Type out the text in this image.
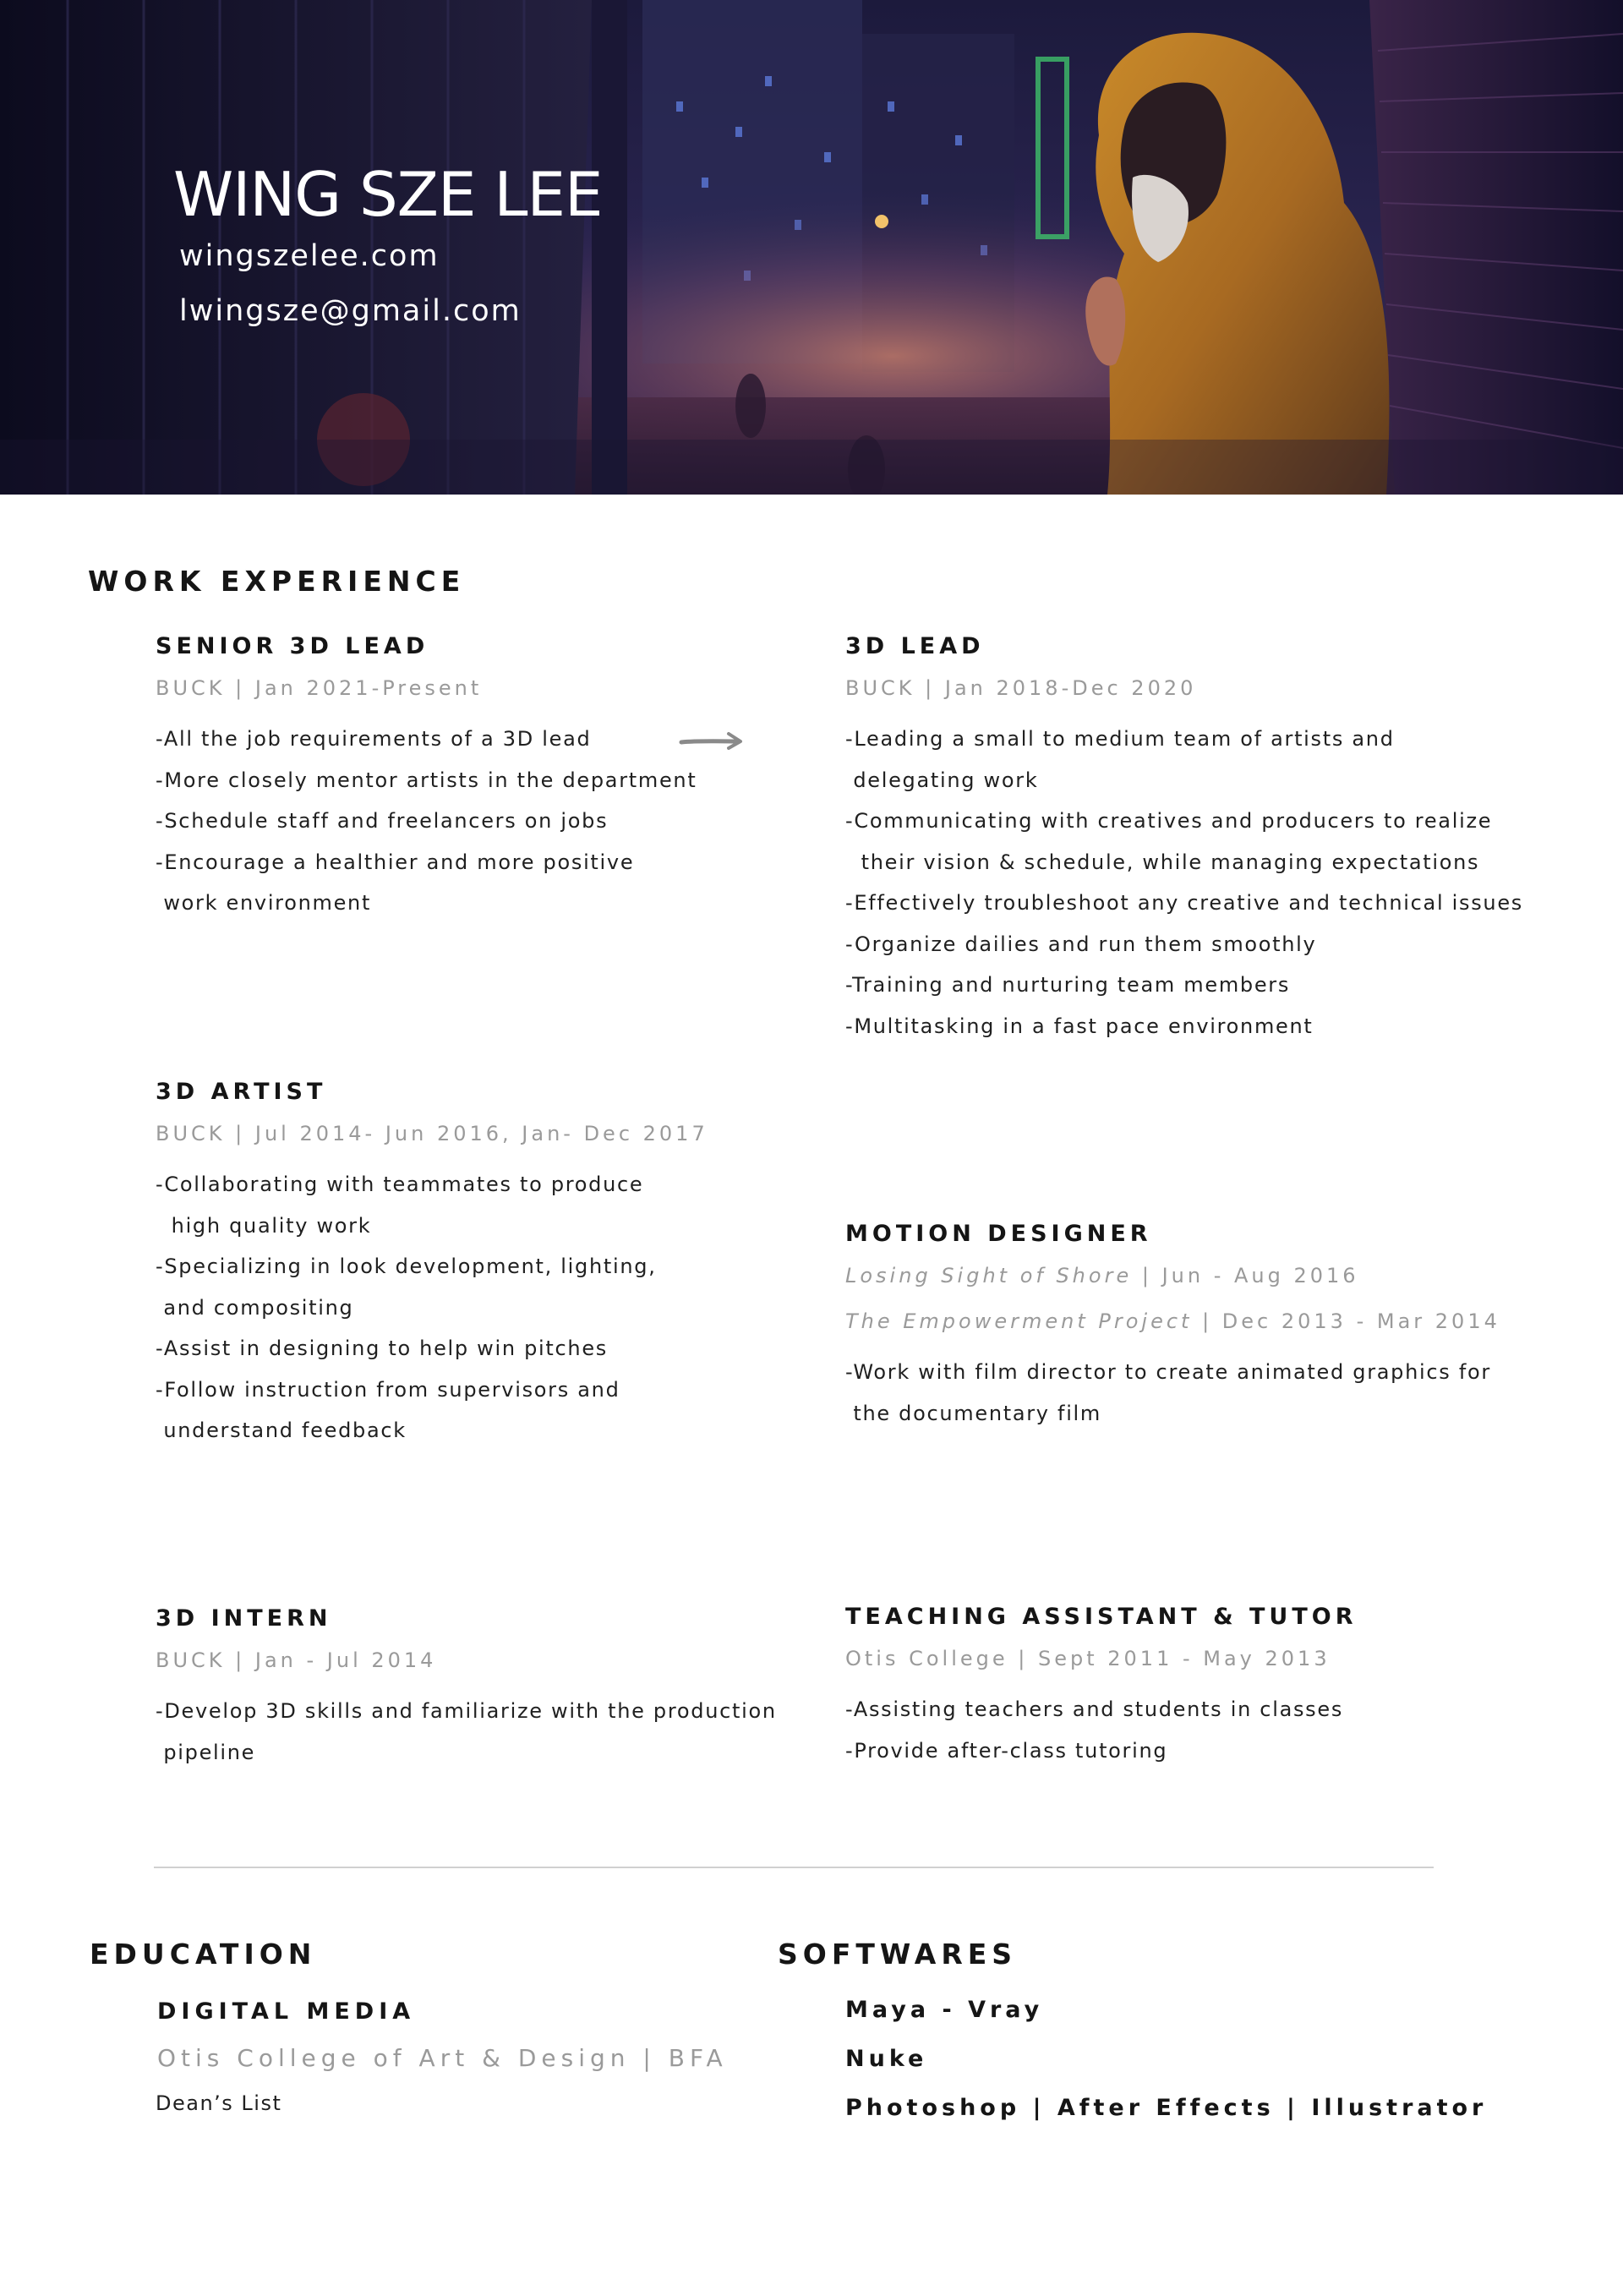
WING SZE LEE
wingszelee.com
lwingsze@gmail.com
WORK EXPERIENCE
SENIOR 3D LEAD
BUCK | Jan 2021-Present
-All the job requirements of a 3D lead
-More closely mentor artists in the department
-Schedule staff and freelancers on jobs
-Encourage a healthier and more positive
work environment
3D LEAD
BUCK | Jan 2018-Dec 2020
-Leading a small to medium team of artists and
delegating work
-Communicating with creatives and producers to realize
their vision & schedule, while managing expectations
-Effectively troubleshoot any creative and technical issues
-Organize dailies and run them smoothly
-Training and nurturing team members
-Multitasking in a fast pace environment
3D ARTIST
BUCK | Jul 2014- Jun 2016, Jan- Dec 2017
-Collaborating with teammates to produce
high quality work
-Specializing in look development, lighting,
and compositing
-Assist in designing to help win pitches
-Follow instruction from supervisors and
understand feedback
MOTION DESIGNER
Losing Sight of Shore | Jun - Aug 2016
The Empowerment Project | Dec 2013 - Mar 2014
-Work with film director to create animated graphics for
the documentary film
3D INTERN
BUCK | Jan - Jul 2014
-Develop 3D skills and familiarize with the production
pipeline
TEACHING ASSISTANT & TUTOR
Otis College | Sept 2011 - May 2013
-Assisting teachers and students in classes
-Provide after-class tutoring
EDUCATION
DIGITAL MEDIA
Otis College of Art & Design | BFA
Dean’s List
SOFTWARES
Maya - Vray
Nuke
Photoshop | After Effects | Illustrator
